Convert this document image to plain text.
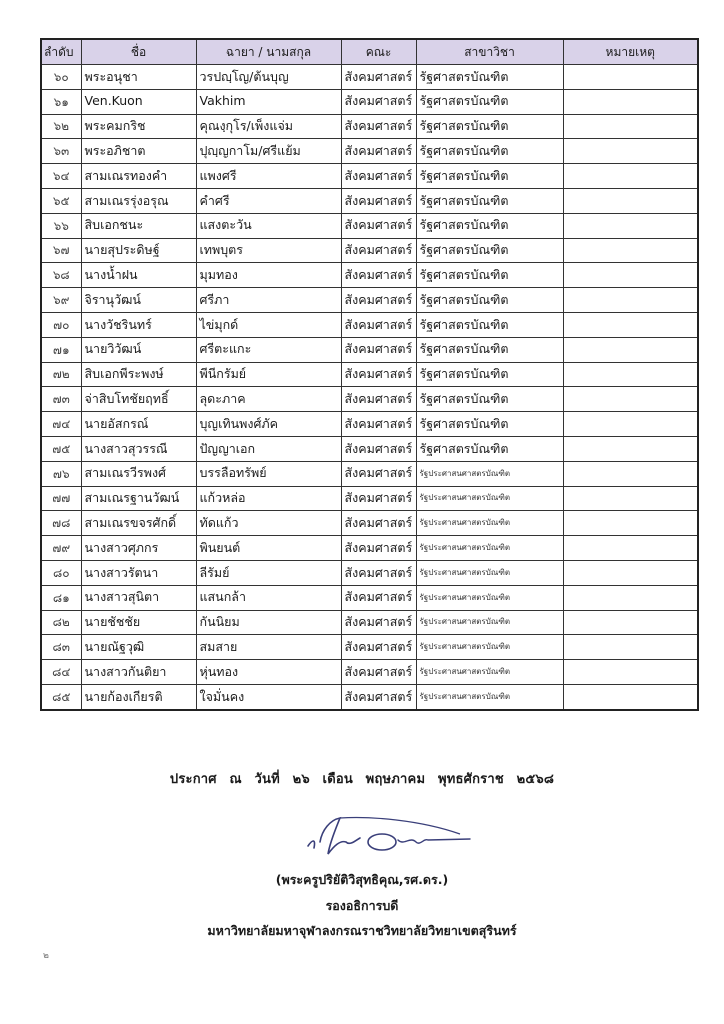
ลำดับ	ชื่อ	ฉายา / นามสกุล	คณะ	สาขาวิชา	หมายเหตุ
๖๐	พระอนุชา	วรปญฺโญ/ต้นบุญ	สังคมศาสตร์	รัฐศาสตรบัณฑิต	
๖๑	Ven.Kuon	Vakhim	สังคมศาสตร์	รัฐศาสตรบัณฑิต	
๖๒	พระคมกริช	คุณงฺกุโร/เพ็งแจ่ม	สังคมศาสตร์	รัฐศาสตรบัณฑิต	
๖๓	พระอภิชาต	ปุญฺญกาโม/ศรีแย้ม	สังคมศาสตร์	รัฐศาสตรบัณฑิต	
๖๔	สามเณรทองคำ	แพงศรี	สังคมศาสตร์	รัฐศาสตรบัณฑิต	
๖๕	สามเณรรุ่งอรุณ	คำศรี	สังคมศาสตร์	รัฐศาสตรบัณฑิต	
๖๖	สิบเอกชนะ	แสงตะวัน	สังคมศาสตร์	รัฐศาสตรบัณฑิต	
๖๗	นายสุประดิษฐ์	เทพบุตร	สังคมศาสตร์	รัฐศาสตรบัณฑิต	
๖๘	นางน้ำฝน	มุมทอง	สังคมศาสตร์	รัฐศาสตรบัณฑิต	
๖๙	จิรานุวัฒน์	ศรีภา	สังคมศาสตร์	รัฐศาสตรบัณฑิต	
๗๐	นางวัชรินทร์	ไข่มุกด์	สังคมศาสตร์	รัฐศาสตรบัณฑิต	
๗๑	นายวิวัฒน์	ศรีตะแกะ	สังคมศาสตร์	รัฐศาสตรบัณฑิต	
๗๒	สิบเอกพีระพงษ์	พีนีกรัมย์	สังคมศาสตร์	รัฐศาสตรบัณฑิต	
๗๓	จ่าสิบโทชัยฤทธิ์	ลุดะภาค	สังคมศาสตร์	รัฐศาสตรบัณฑิต	
๗๔	นายอัสกรณ์	บุญเทินพงศ์ภัค	สังคมศาสตร์	รัฐศาสตรบัณฑิต	
๗๕	นางสาวสุวรรณี	ปัญญาเอก	สังคมศาสตร์	รัฐศาสตรบัณฑิต	
๗๖	สามเณรวีรพงศ์	บรรลือทรัพย์	สังคมศาสตร์	รัฐประศาสนศาสตรบัณฑิต	
๗๗	สามเณรฐานวัฒน์	แก้วหล่อ	สังคมศาสตร์	รัฐประศาสนศาสตรบัณฑิต	
๗๘	สามเณรขจรศักดิ์	ทัดแก้ว	สังคมศาสตร์	รัฐประศาสนศาสตรบัณฑิต	
๗๙	นางสาวศุภกร	พินยนต์	สังคมศาสตร์	รัฐประศาสนศาสตรบัณฑิต	
๘๐	นางสาวรัตนา	ลีรัมย์	สังคมศาสตร์	รัฐประศาสนศาสตรบัณฑิต	
๘๑	นางสาวสุนิตา	แสนกล้า	สังคมศาสตร์	รัฐประศาสนศาสตรบัณฑิต	
๘๒	นายชัชชัย	กันนิยม	สังคมศาสตร์	รัฐประศาสนศาสตรบัณฑิต	
๘๓	นายณัฐวุฒิ	สมสาย	สังคมศาสตร์	รัฐประศาสนศาสตรบัณฑิต	
๘๔	นางสาวกันติยา	หุ่นทอง	สังคมศาสตร์	รัฐประศาสนศาสตรบัณฑิต	
๘๕	นายก้องเกียรติ	ใจมั่นคง	สังคมศาสตร์	รัฐประศาสนศาสตรบัณฑิต	
ประกาศ ณ วันที่ ๒๖ เดือน พฤษภาคม พุทธศักราช ๒๕๖๘
(พระครูปริยัติวิสุทธิคุณ,รศ.ดร.)
รองอธิการบดี
มหาวิทยาลัยมหาจุฬาลงกรณราชวิทยาลัยวิทยาเขตสุรินทร์
๒
